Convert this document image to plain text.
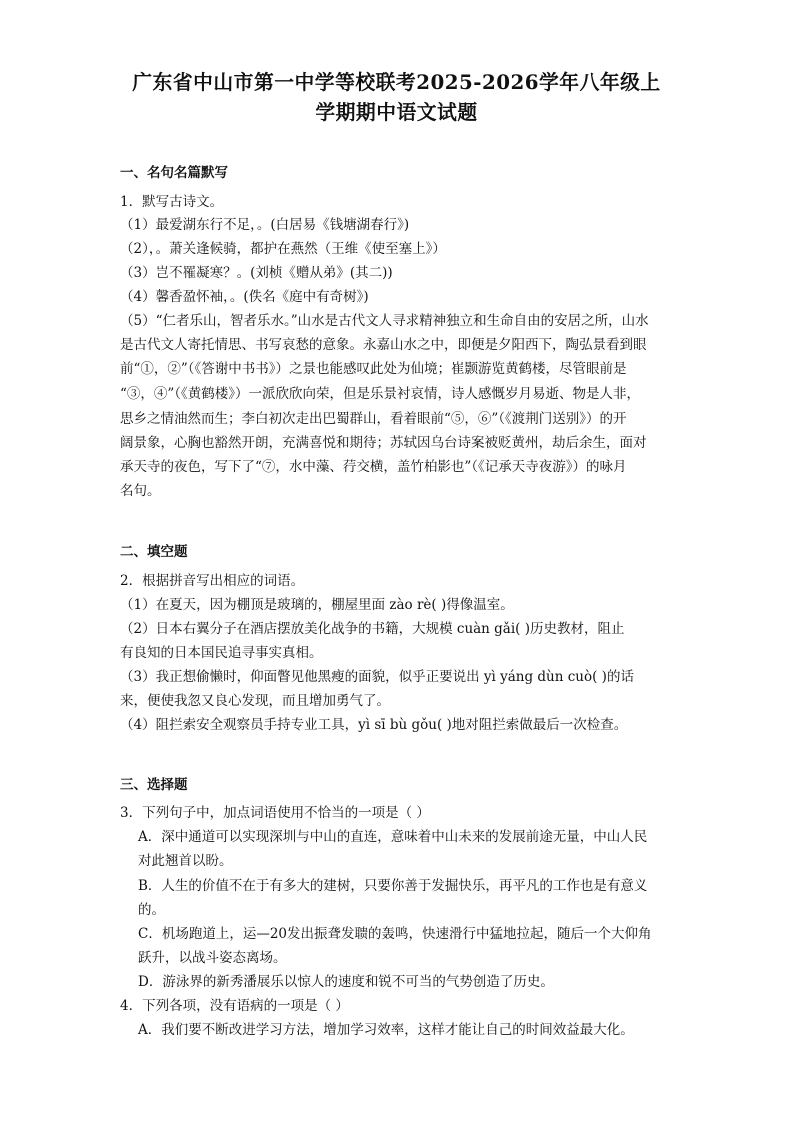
广东省中山市第一中学等校联考2025-2026学年八年级上
学期期中语文试题
一、名句名篇默写
1．默写古诗文。
（1）最爱湖东行不足，。(白居易《钱塘湖春行》)
（2），。萧关逢候骑，都护在燕然（王维《使至塞上》）
（3）岂不罹凝寒？。(刘桢《赠从弟》(其二))
（4）馨香盈怀袖，。(佚名《庭中有奇树》)
（5）“仁者乐山，智者乐水。”山水是古代文人寻求精神独立和生命自由的安居之所，山水
是古代文人寄托情思、书写哀愁的意象。永嘉山水之中，即便是夕阳西下，陶弘景看到眼
前“①，②”（《答谢中书书》）之景也能感叹此处为仙境；崔颢游览黄鹤楼，尽管眼前是
“③，④”（《黄鹤楼》）一派欣欣向荣，但是乐景衬哀情，诗人感慨岁月易逝、物是人非，
思乡之情油然而生；李白初次走出巴蜀群山，看着眼前“⑤，⑥”（《渡荆门送别》）的开
阔景象，心胸也豁然开朗，充满喜悦和期待；苏轼因乌台诗案被贬黄州，劫后余生，面对
承天寺的夜色，写下了“⑦，水中藻、荇交横，盖竹柏影也”（《记承天寺夜游》）的咏月
名句。
二、填空题
2．根据拼音写出相应的词语。
（1）在夏天，因为棚顶是玻璃的，棚屋里面 zào rè( )得像温室。
（2）日本右翼分子在酒店摆放美化战争的书籍，大规模 cuàn gǎi( )历史教材，阻止
有良知的日本国民追寻事实真相。
（3）我正想偷懒时，仰面瞥见他黑瘦的面貌，似乎正要说出 yì yáng dùn cuò( )的话
来，便使我忽又良心发现，而且增加勇气了。
（4）阻拦索安全观察员手持专业工具，yì sī bù gǒu( )地对阻拦索做最后一次检查。
三、选择题
3．下列句子中，加点词语使用不恰当的一项是（ ）
A．深中通道可以实现深圳与中山的直连，意味着中山未来的发展前途无量，中山人民
对此翘首以盼。
B．人生的价值不在于有多大的建树，只要你善于发掘快乐，再平凡的工作也是有意义
的。
C．机场跑道上，运—20发出振聋发聩的轰鸣，快速滑行中猛地拉起，随后一个大仰角
跃升，以战斗姿态离场。
D．游泳界的新秀潘展乐以惊人的速度和锐不可当的气势创造了历史。
4．下列各项，没有语病的一项是（ ）
A．我们要不断改进学习方法，增加学习效率，这样才能让自己的时间效益最大化。
